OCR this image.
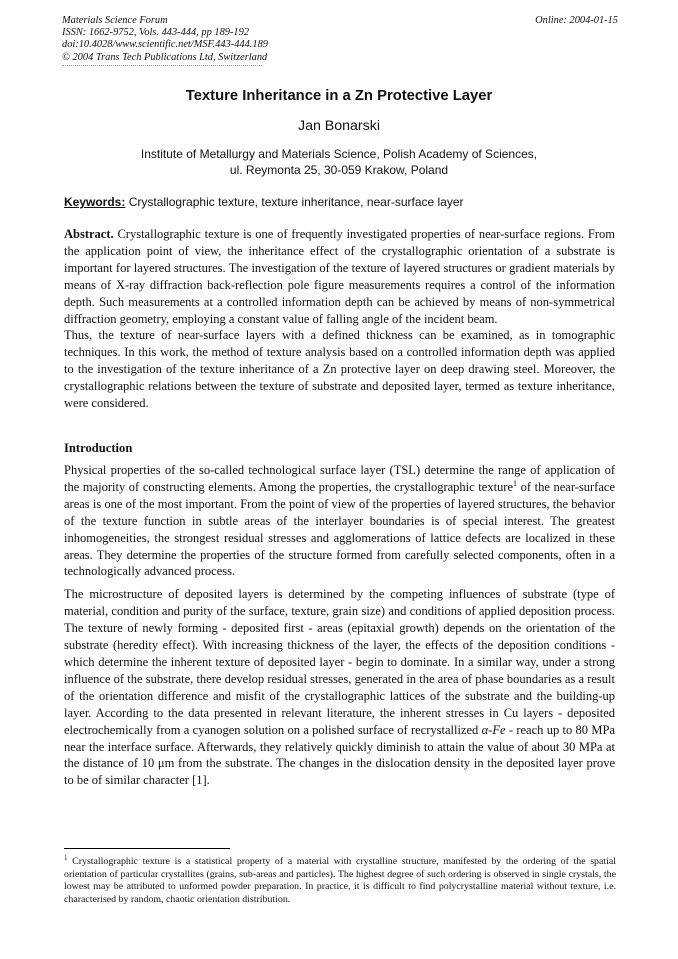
Materials Science Forum
ISSN: 1662-9752, Vols. 443-444, pp 189-192
doi:10.4028/www.scientific.net/MSF.443-444.189
© 2004 Trans Tech Publications Ltd, Switzerland
Online: 2004-01-15
Texture Inheritance in a Zn Protective Layer
Jan Bonarski
Institute of Metallurgy and Materials Science, Polish Academy of Sciences,
ul. Reymonta 25, 30-059 Krakow, Poland
Keywords: Crystallographic texture, texture inheritance, near-surface layer

Abstract. Crystallographic texture is one of frequently investigated properties of near-surface regions. From the application point of view, the inheritance effect of the crystallographic orientation of a substrate is important for layered structures. The investigation of the texture of layered structures or gradient materials by means of X-ray diffraction back-reflection pole figure measurements requires a control of the information depth. Such measurements at a controlled information depth can be achieved by means of non-symmetrical diffraction geometry, employing a constant value of falling angle of the incident beam.

Thus, the texture of near-surface layers with a defined thickness can be examined, as in tomographic techniques. In this work, the method of texture analysis based on a controlled information depth was applied to the investigation of the texture inheritance of a Zn protective layer on deep drawing steel. Moreover, the crystallographic relations between the texture of substrate and deposited layer, termed as texture inheritance, were considered.

Introduction

Physical properties of the so-called technological surface layer (TSL) determine the range of application of the majority of constructing elements. Among the properties, the crystallographic texture$^1$ of the near-surface areas is one of the most important. From the point of view of the properties of layered structures, the behavior of the texture function in subtle areas of the interlayer boundaries is of special interest. The greatest inhomogeneities, the strongest residual stresses and agglomerations of lattice defects are localized in these areas. They determine the properties of the structure formed from carefully selected components, often in a technologically advanced process.

The microstructure of deposited layers is determined by the competing influences of substrate (type of material, condition and purity of the surface, texture, grain size) and conditions of applied deposition process. The texture of newly forming - deposited first - areas (epitaxial growth) depends on the orientation of the substrate (heredity effect). With increasing thickness of the layer, the effects of the deposition conditions - which determine the inherent texture of deposited layer - begin to dominate. In a similar way, under a strong influence of the substrate, there develop residual stresses, generated in the area of phase boundaries as a result of the orientation difference and misfit of the crystallographic lattices of the substrate and the building-up layer. According to the data presented in relevant literature, the inherent stresses in Cu layers - deposited electrochemically from a cyanogen solution on a polished surface of recrystallized α-Fe - reach up to 80 MPa near the interface surface. Afterwards, they relatively quickly diminish to attain the value of about 30 MPa at the distance of 10 μm from the substrate. The changes in the dislocation density in the deposited layer prove to be of similar character [1].

$^1$ Crystallographic texture is a statistical property of a material with crystalline structure, manifested by the ordering of the spatial orientation of particular crystallites (grains, sub-areas and particles). The highest degree of such ordering is observed in single crystals, the lowest may be attributed to unformed powder preparation. In practice, it is difficult to find polycrystalline material without texture, i.e. characterised by random, chaotic orientation distribution.
